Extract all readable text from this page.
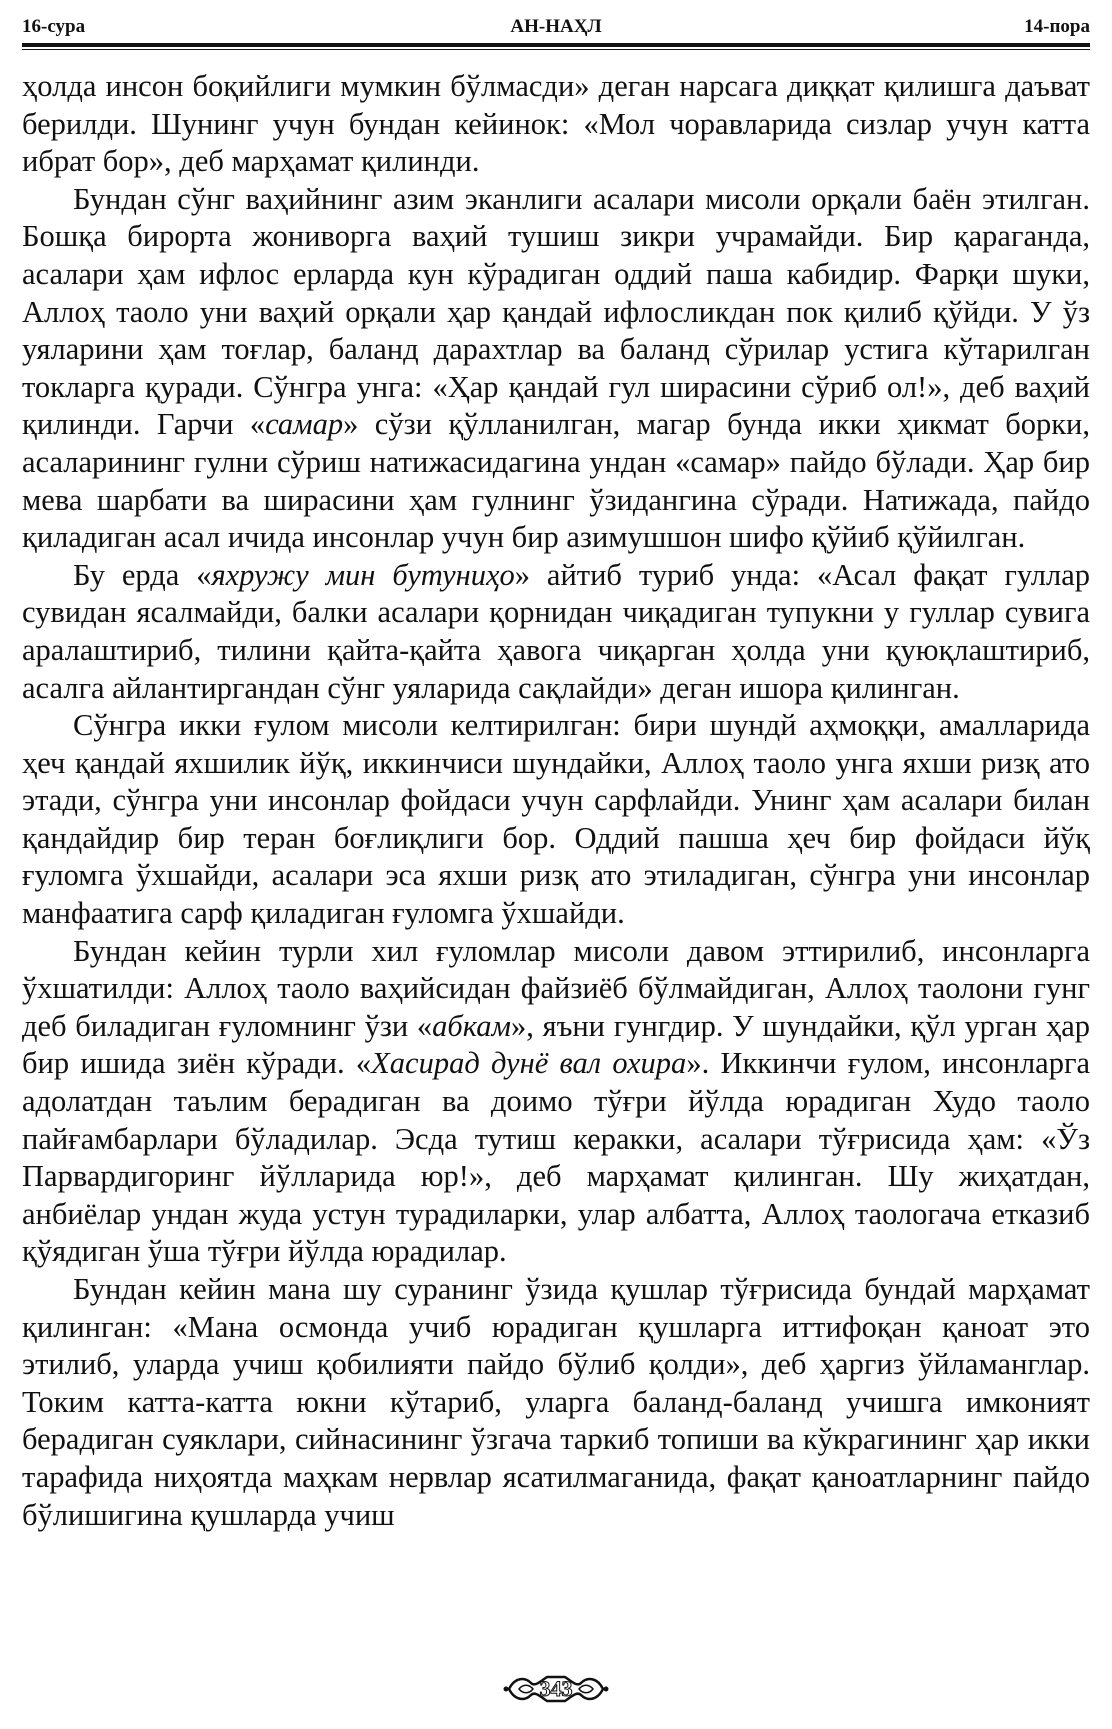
16-сура	АН-НАҲЛ	14-пора

ҳолда инсон боқийлиги мумкин бўлмасди» деган нарсага диққат қилишга даъват берилди. Шунинг учун бундан кейинок: «Мол чоравларида сизлар учун катта ибрат бор», деб марҳамат қилинди.

Бундан сўнг ваҳийнинг азим эканлиги асалари мисоли орқали баён этилган. Бошқа бирорта жониворга ваҳий тушиш зикри учрамайди. Бир қараганда, асалари ҳам ифлос ерларда кун кўрадиган оддий паша кабидир. Фарқи шуки, Аллоҳ таоло уни ваҳий орқали ҳар қандай ифлосликдан пок қилиб қўйди. У ўз уяларини ҳам тоғлар, баланд дарахтлар ва баланд сўрилар устига кўтарилган токларга қуради. Сўнгра унга: «Ҳар қандай гул ширасини сўриб ол!», деб ваҳий қилинди. Гарчи «самар» сўзи қўлланилган, магар бунда икки ҳикмат борки, асаларининг гулни сўриш натижасидагина ундан «самар» пайдо бўлади. Ҳар бир мева шарбати ва ширасини ҳам гулнинг ўзидангина сўради. Натижада, пайдо қиладиган асал ичида инсонлар учун бир азимушшон шифо қўйиб қўйилган.

Бу ерда «яхружу мин бутуниҳо» айтиб туриб унда: «Асал фақат гуллар сувидан ясалмайди, балки асалари қорнидан чиқадиган тупукни у гуллар сувига аралаштириб, тилини қайта-қайта ҳавога чиқарган ҳолда уни қуюқлаштириб, асалга айлантиргандан сўнг уяларида сақлайди» деган ишора қилинган.

Сўнгра икки ғулом мисоли келтирилган: бири шундй аҳмоққи, амалларида ҳеч қандай яхшилик йўқ, иккинчиси шундайки, Аллоҳ таоло унга яхши ризқ ато этади, сўнгра уни инсонлар фойдаси учун сарфлайди. Унинг ҳам асалари билан қандайдир бир теран боғлиқлиги бор. Оддий пашша ҳеч бир фойдаси йўқ ғуломга ўхшайди, асалари эса яхши ризқ ато этиладиган, сўнгра уни инсонлар манфаатига сарф қиладиган ғуломга ўхшайди.

Бундан кейин турли хил ғуломлар мисоли давом эттирилиб, инсонларга ўхшатилди: Аллоҳ таоло ваҳийсидан файзиёб бўлмайдиган, Аллоҳ таолони гунг деб биладиган ғуломнинг ўзи «абкам», яъни гунгдир. У шундайки, қўл урган ҳар бир ишида зиён кўради. «Хасирад дунё вал охира». Иккинчи ғулом, инсонларга адолатдан таълим берадиган ва доимо тўғри йўлда юрадиган Худо таоло пайғамбарлари бўладилар. Эсда тутиш керакки, асалари тўғрисида ҳам: «Ўз Парвардигоринг йўлларида юр!», деб марҳамат қилинган. Шу жиҳатдан, анбиёлар ундан жуда устун турадиларки, улар албатта, Аллоҳ таологача етказиб қўядиган ўша тўғри йўлда юрадилар.

Бундан кейин мана шу суранинг ўзида қушлар тўғрисида бундай марҳамат қилинган: «Мана осмонда учиб юрадиган қушларга иттифоқан қаноат это этилиб, уларда учиш қобилияти пайдо бўлиб қолди», деб ҳаргиз ўйламанглар. Токим катта-катта юкни кўтариб, уларга баланд-баланд учишга имконият берадиган суяклари, сийнасининг ўзгача таркиб топиши ва кўкрагининг ҳар икки тарафида ниҳоятда маҳкам нервлар ясатилмаганида, фақат қаноатларнинг пайдо бўлишигина қушларда учиш

343
